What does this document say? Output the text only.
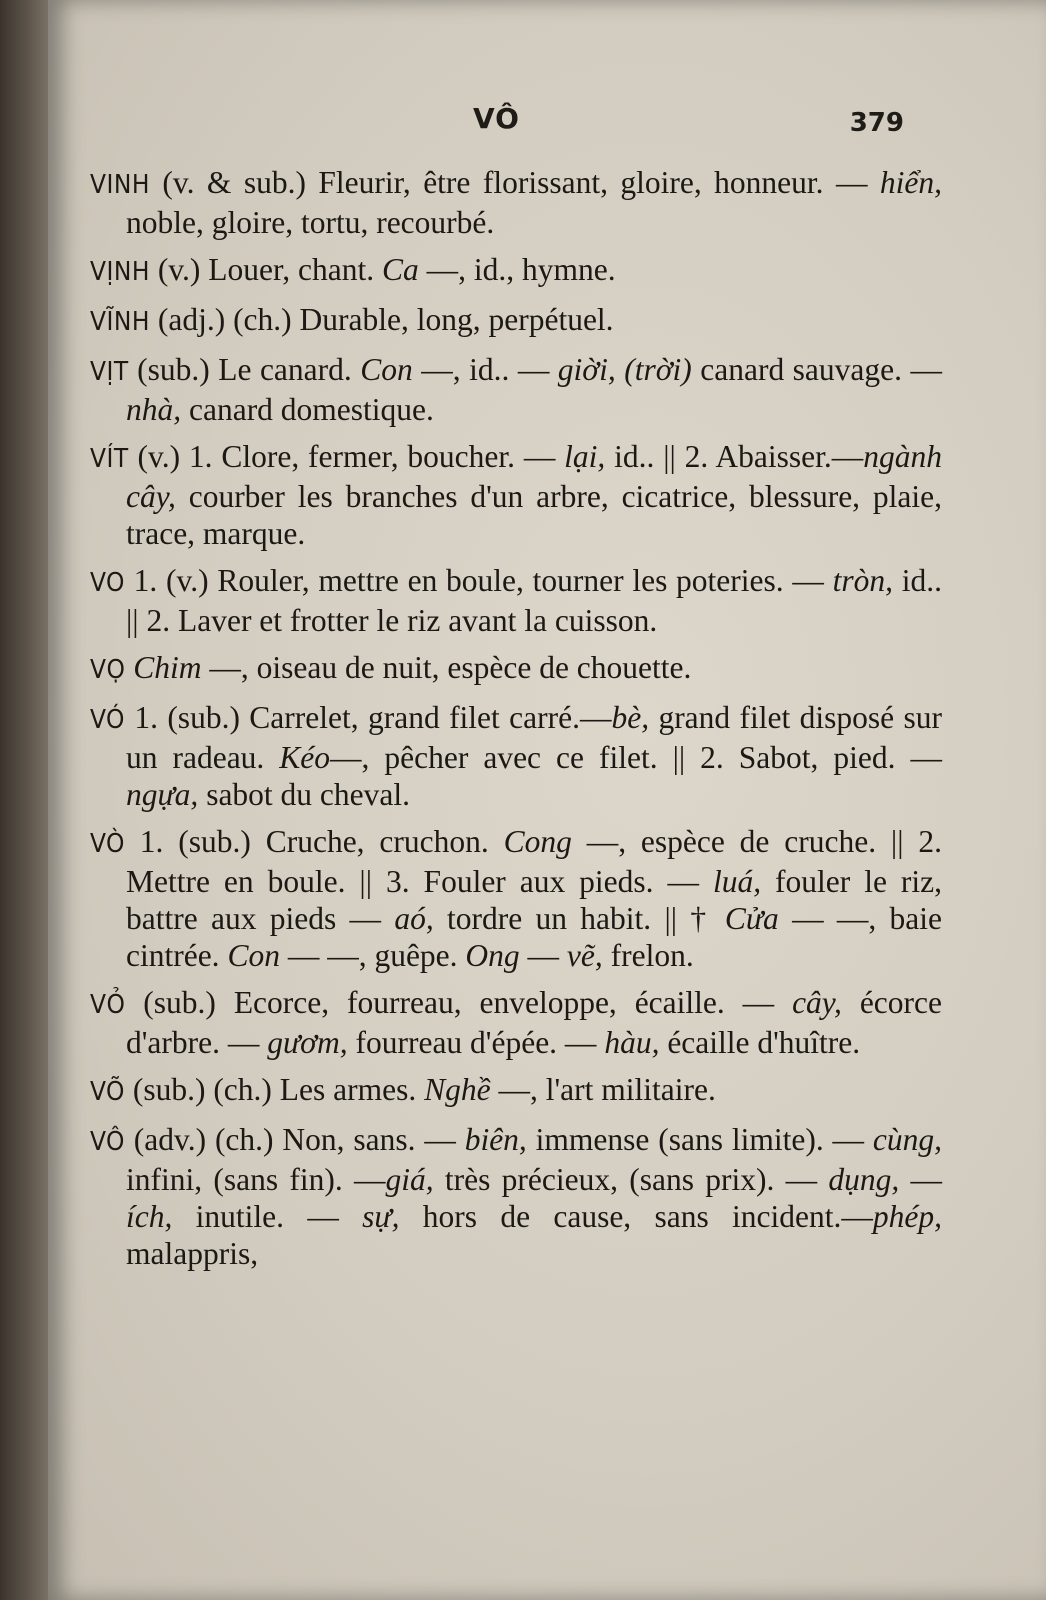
VÔ	379

VINH (v. & sub.) Fleurir, être florissant, gloire, honneur. — hiển, noble, gloire, tortu, recourbé.

VỊNH (v.) Louer, chant. Ca —, id., hymne.

VĨNH (adj.) (ch.) Durable, long, perpétuel.

VỊT (sub.) Le canard. Con —, id.. — giời, (trời) canard sauvage. — nhà, canard domestique.

VÍT (v.) 1. Clore, fermer, boucher. — lại, id.. || 2. Abaisser.—ngành cây, courber les branches d'un arbre, cicatrice, blessure, plaie, trace, marque.

VO 1. (v.) Rouler, mettre en boule, tourner les poteries. — tròn, id.. || 2. Laver et frotter le riz avant la cuisson.

VỌ Chim —, oiseau de nuit, espèce de chouette.

VÓ 1. (sub.) Carrelet, grand filet carré.—bè, grand filet disposé sur un radeau. Kéo—, pêcher avec ce filet. || 2. Sabot, pied. — ngựa, sabot du cheval.

VÒ 1. (sub.) Cruche, cruchon. Cong —, espèce de cruche. || 2. Mettre en boule. || 3. Fouler aux pieds. — luá, fouler le riz, battre aux pieds — aó, tordre un habit. || † Cửa — —, baie cintrée. Con — —, guêpe. Ong — vẽ, frelon.

VỎ (sub.) Ecorce, fourreau, enveloppe, écaille. — cây, écorce d'arbre. — gươm, fourreau d'épée. — hàu, écaille d'huître.

VÕ (sub.) (ch.) Les armes. Nghề —, l'art militaire.

VÔ (adv.) (ch.) Non, sans. — biên, immense (sans limite). — cùng, infini, (sans fin). —giá, très précieux, (sans prix). — dụng, — ích, inutile. — sự, hors de cause, sans incident.—phép, malappris,
